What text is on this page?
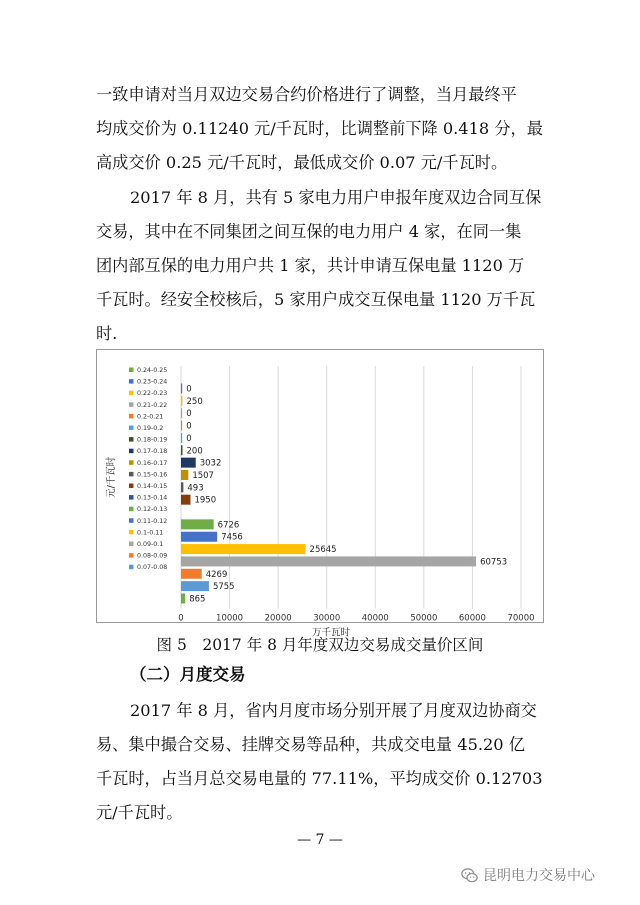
一致申请对当月双边交易合约价格进行了调整，当月最终平
均成交价为 0.11240 元/千瓦时，比调整前下降 0.418 分，最
高成交价 0.25 元/千瓦时，最低成交价 0.07 元/千瓦时。

2017 年 8 月，共有 5 家电力用户申报年度双边合同互保
交易，其中在不同集团之间互保的电力用户 4 家，在同一集
团内部互保的电力用户共 1 家，共计申请互保电量 1120 万
千瓦时。经安全校核后，5 家用户成交互保电量 1120 万千瓦
时.

0	10000	20000	30000	40000	50000	60000	70000
0
250
0
0
0
200
3032
1507
493
1950
6726
7456
25645
60753
4269
5755
865
0.24-0.25
0.23-0.24
0.22-0.23
0.21-0.22
0.2-0.21
0.19-0.2
0.18-0.19
0.17-0.18
0.16-0.17
0.15-0.16
0.14-0.15
0.13-0.14
0.12-0.13
0.11-0.12
0.1-0.11
0.09-0.1
0.08-0.09
0.07-0.08
元/千瓦时
万千瓦时
图 5　2017 年 8 月年度双边交易成交量价区间
（二）月度交易

2017 年 8 月，省内月度市场分别开展了月度双边协商交
易、集中撮合交易、挂牌交易等品种，共成交电量 45.20 亿
千瓦时，占当月总交易电量的 77.11%，平均成交价 0.12703
元/千瓦时。

— 7 —
昆明电力交易中心
